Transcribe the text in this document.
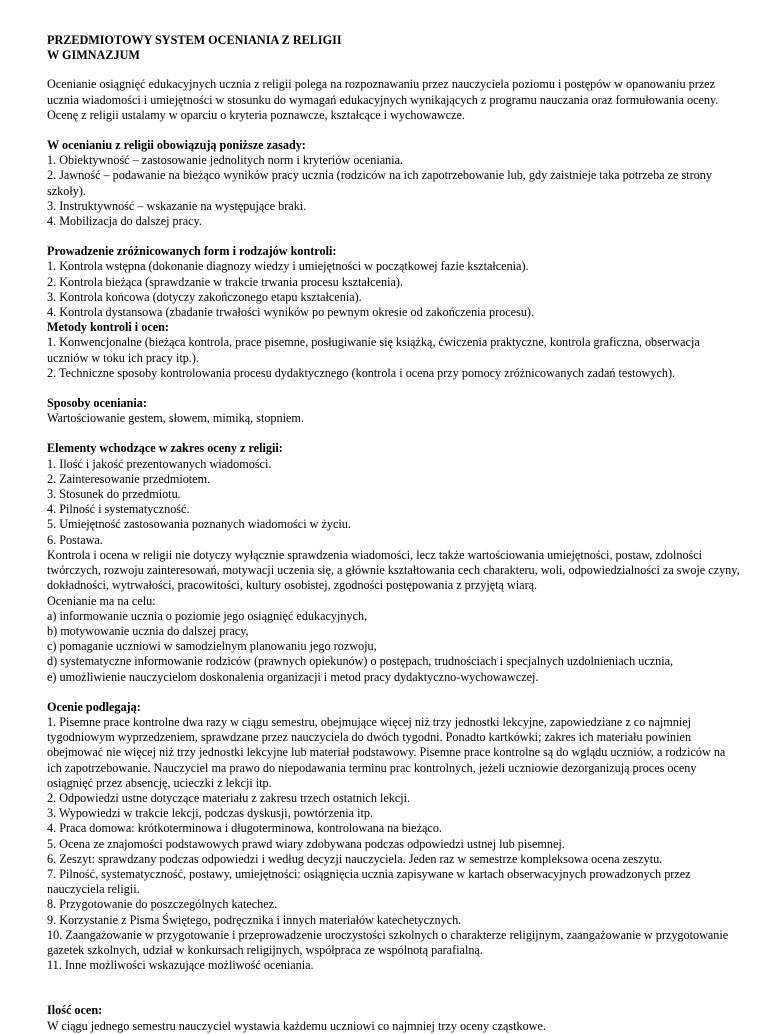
PRZEDMIOTOWY SYSTEM OCENIANIA Z RELIGII
W GIMNAZJUM
Ocenianie osiągnięć edukacyjnych ucznia z religii polega na rozpoznawaniu przez nauczyciela poziomu i postępów w opanowaniu przez ucznia wiadomości i umiejętności w stosunku do wymagań edukacyjnych wynikających z programu nauczania oraz formułowania oceny.
Ocenę z religii ustalamy w oparciu o kryteria poznawcze, kształcące i wychowawcze.
W ocenianiu z religii obowiązują poniższe zasady:
1. Obiektywność – zastosowanie jednolitych norm i kryteriów oceniania.
2. Jawność – podawanie na bieżąco wyników pracy ucznia (rodziców na ich zapotrzebowanie lub, gdy zaistnieje taka potrzeba ze strony szkoły).
3. Instruktywność – wskazanie na występujące braki.
4. Mobilizacja do dalszej pracy.
Prowadzenie zróżnicowanych form i rodzajów kontroli:
1. Kontrola wstępna (dokonanie diagnozy wiedzy i umiejętności w początkowej fazie kształcenia).
2. Kontrola bieżąca (sprawdzanie w trakcie trwania procesu kształcenia).
3. Kontrola końcowa (dotyczy zakończonego etapu kształcenia).
4. Kontrola dystansowa (zbadanie trwałości wyników po pewnym okresie od zakończenia procesu).
Metody kontroli i ocen:
1. Konwencjonalne (bieżąca kontrola, prace pisemne, posługiwanie się książką, ćwiczenia praktyczne, kontrola graficzna, obserwacja uczniów w toku ich pracy itp.).
2. Techniczne sposoby kontrolowania procesu dydaktycznego (kontrola i ocena przy pomocy zróżnicowanych zadań testowych).
Sposoby oceniania:
Wartościowanie gestem, słowem, mimiką, stopniem.
Elementy wchodzące w zakres oceny z religii:
1. Ilość i jakość prezentowanych wiadomości.
2. Zainteresowanie przedmiotem.
3. Stosunek do przedmiotu.
4. Pilność i systematyczność.
5. Umiejętność zastosowania poznanych wiadomości w życiu.
6. Postawa.
Kontrola i ocena w religii nie dotyczy wyłącznie sprawdzenia wiadomości, lecz także wartościowania umiejętności, postaw, zdolności twórczych, rozwoju zainteresowań, motywacji uczenia się, a głównie kształtowania cech charakteru, woli, odpowiedzialności za swoje czyny, dokładności, wytrwałości, pracowitości, kultury osobistej, zgodności postępowania z przyjętą wiarą.
Ocenianie ma na celu:
a) informowanie ucznia o poziomie jego osiągnięć edukacyjnych,
b) motywowanie ucznia do dalszej pracy,
c) pomaganie uczniowi w samodzielnym planowaniu jego rozwoju,
d) systematyczne informowanie rodziców (prawnych opiekunów) o postępach, trudnościach i specjalnych uzdolnieniach ucznia,
e) umożliwienie nauczycielom doskonalenia organizacji i metod pracy dydaktyczno-wychowawczej.
Ocenie podlegają:
1. Pisemne prace kontrolne dwa razy w ciągu semestru, obejmujące więcej niż trzy jednostki lekcyjne, zapowiedziane z co najmniej tygodniowym wyprzedzeniem, sprawdzane przez nauczyciela do dwóch tygodni. Ponadto kartkówki; zakres ich materiału powinien obejmować nie więcej niż trzy jednostki lekcyjne lub materiał podstawowy. Pisemne prace kontrolne są do wglądu uczniów, a rodziców na ich zapotrzebowanie. Nauczyciel ma prawo do niepodawania terminu prac kontrolnych, jeżeli uczniowie dezorganizują proces oceny osiągnięć przez absencję, ucieczki z lekcji itp.
2. Odpowiedzi ustne dotyczące materiału z zakresu trzech ostatnich lekcji.
3. Wypowiedzi w trakcie lekcji, podczas dyskusji, powtórzenia itp.
4. Praca domowa: krótkoterminowa i długoterminowa, kontrolowana na bieżąco.
5. Ocena ze znajomości podstawowych prawd wiary zdobywana podczas odpowiedzi ustnej lub pisemnej.
6. Zeszyt: sprawdzany podczas odpowiedzi i według decyzji nauczyciela. Jeden raz w semestrze kompleksowa ocena zeszytu.
7. Pilność, systematyczność, postawy, umiejętności: osiągnięcia ucznia zapisywane w kartach obserwacyjnych prowadzonych przez nauczyciela religii.
8. Przygotowanie do poszczególnych katechez.
9. Korzystanie z Pisma Świętego, podręcznika i innych materiałów katechetycznych.
10. Zaangażowanie w przygotowanie i przeprowadzenie uroczystości szkolnych o charakterze religijnym, zaangażowanie w przygotowanie gazetek szkolnych, udział w konkursach religijnych, współpraca ze wspólnotą parafialną.
11. Inne możliwości wskazujące możliwość oceniania.
Ilość ocen:
W ciągu jednego semestru nauczyciel wystawia każdemu uczniowi co najmniej trzy oceny cząstkowe.
